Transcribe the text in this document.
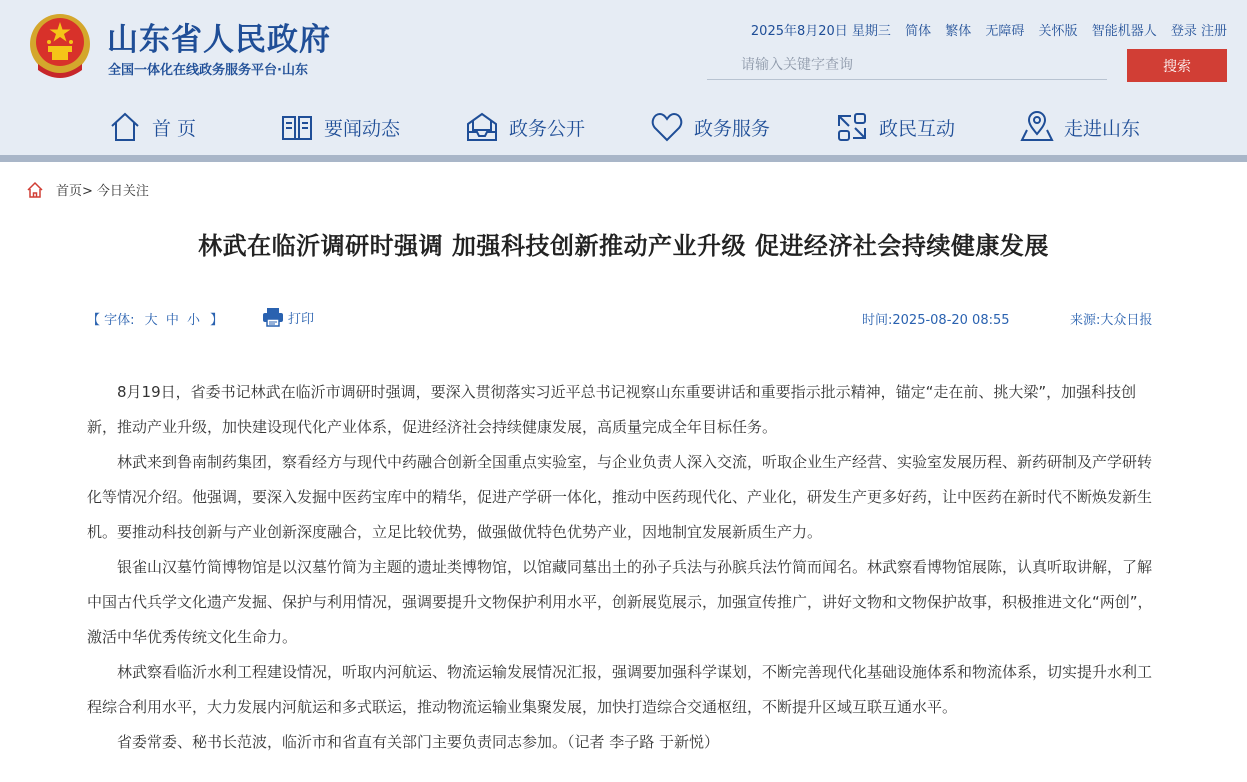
山东省人民政府
全国一体化在线政务服务平台·山东
2025年8月20日 星期三 简体 繁体 无障碍 关怀版 智能机器人 登录 注册
请输入关键字查询
搜索
首 页	要闻动态	政务公开	政务服务	政民互动	走进山东
首页> 今日关注
林武在临沂调研时强调 加强科技创新推动产业升级 促进经济社会持续健康发展
【 字体: 大 中 小 】	打印	时间:2025-08-20 08:55	来源:大众日报

8月19日，省委书记林武在临沂市调研时强调，要深入贯彻落实习近平总书记视察山东重要讲话和重要指示批示精神，锚定“走在前、挑大梁”，加强科技创新，推动产业升级，加快建设现代化产业体系，促进经济社会持续健康发展，高质量完成全年目标任务。

林武来到鲁南制药集团，察看经方与现代中药融合创新全国重点实验室，与企业负责人深入交流，听取企业生产经营、实验室发展历程、新药研制及产学研转化等情况介绍。他强调，要深入发掘中医药宝库中的精华，促进产学研一体化，推动中医药现代化、产业化，研发生产更多好药，让中医药在新时代不断焕发新生机。要推动科技创新与产业创新深度融合，立足比较优势，做强做优特色优势产业，因地制宜发展新质生产力。

银雀山汉墓竹简博物馆是以汉墓竹简为主题的遗址类博物馆，以馆藏同墓出土的孙子兵法与孙膑兵法竹简而闻名。林武察看博物馆展陈，认真听取讲解，了解中国古代兵学文化遗产发掘、保护与利用情况，强调要提升文物保护利用水平，创新展览展示，加强宣传推广，讲好文物和文物保护故事，积极推进文化“两创”，激活中华优秀传统文化生命力。

林武察看临沂水利工程建设情况，听取内河航运、物流运输发展情况汇报，强调要加强科学谋划，不断完善现代化基础设施体系和物流体系，切实提升水利工程综合利用水平，大力发展内河航运和多式联运，推动物流运输业集聚发展，加快打造综合交通枢纽，不断提升区域互联互通水平。

省委常委、秘书长范波，临沂市和省直有关部门主要负责同志参加。（记者 李子路 于新悦）
